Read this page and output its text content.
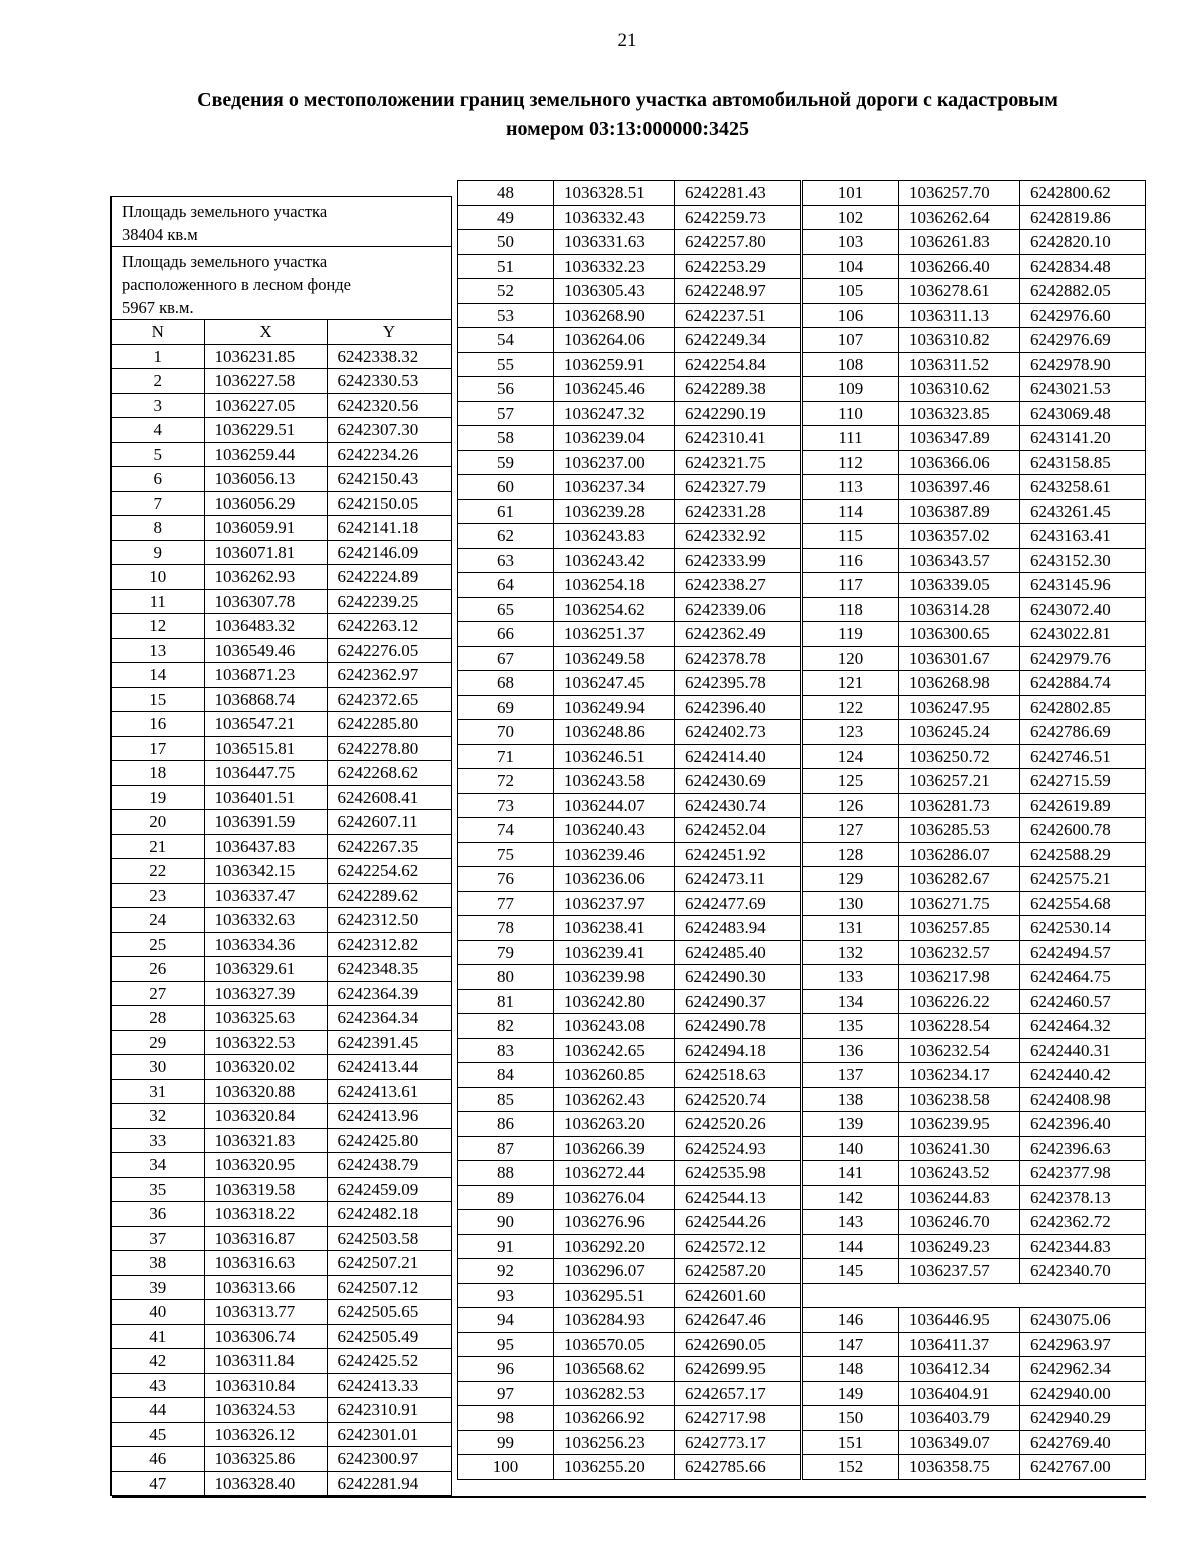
21
Сведения о местоположении границ земельного участка автомобильной дороги с кадастровым
номером 03:13:000000:3425
Площадь земельного участка
38404 кв.м		

Площадь земельного участка расположенного в лесном фонде
5967 кв.м.		

N	X	Y
1	1036231.85	6242338.32
2	1036227.58	6242330.53
3	1036227.05	6242320.56
4	1036229.51	6242307.30
5	1036259.44	6242234.26
6	1036056.13	6242150.43
7	1036056.29	6242150.05
8	1036059.91	6242141.18
9	1036071.81	6242146.09
10	1036262.93	6242224.89
11	1036307.78	6242239.25
12	1036483.32	6242263.12
13	1036549.46	6242276.05
14	1036871.23	6242362.97
15	1036868.74	6242372.65
16	1036547.21	6242285.80
17	1036515.81	6242278.80
18	1036447.75	6242268.62
19	1036401.51	6242608.41
20	1036391.59	6242607.11
21	1036437.83	6242267.35
22	1036342.15	6242254.62
23	1036337.47	6242289.62
24	1036332.63	6242312.50
25	1036334.36	6242312.82
26	1036329.61	6242348.35
27	1036327.39	6242364.39
28	1036325.63	6242364.34
29	1036322.53	6242391.45
30	1036320.02	6242413.44
31	1036320.88	6242413.61
32	1036320.84	6242413.96
33	1036321.83	6242425.80
34	1036320.95	6242438.79
35	1036319.58	6242459.09
36	1036318.22	6242482.18
37	1036316.87	6242503.58
38	1036316.63	6242507.21
39	1036313.66	6242507.12
40	1036313.77	6242505.65
41	1036306.74	6242505.49
42	1036311.84	6242425.52
43	1036310.84	6242413.33
44	1036324.53	6242310.91
45	1036326.12	6242301.01
46	1036325.86	6242300.97
47	1036328.40	6242281.94
48	1036328.51	6242281.43
49	1036332.43	6242259.73
50	1036331.63	6242257.80
51	1036332.23	6242253.29
52	1036305.43	6242248.97
53	1036268.90	6242237.51
54	1036264.06	6242249.34
55	1036259.91	6242254.84
56	1036245.46	6242289.38
57	1036247.32	6242290.19
58	1036239.04	6242310.41
59	1036237.00	6242321.75
60	1036237.34	6242327.79
61	1036239.28	6242331.28
62	1036243.83	6242332.92
63	1036243.42	6242333.99
64	1036254.18	6242338.27
65	1036254.62	6242339.06
66	1036251.37	6242362.49
67	1036249.58	6242378.78
68	1036247.45	6242395.78
69	1036249.94	6242396.40
70	1036248.86	6242402.73
71	1036246.51	6242414.40
72	1036243.58	6242430.69
73	1036244.07	6242430.74
74	1036240.43	6242452.04
75	1036239.46	6242451.92
76	1036236.06	6242473.11
77	1036237.97	6242477.69
78	1036238.41	6242483.94
79	1036239.41	6242485.40
80	1036239.98	6242490.30
81	1036242.80	6242490.37
82	1036243.08	6242490.78
83	1036242.65	6242494.18
84	1036260.85	6242518.63
85	1036262.43	6242520.74
86	1036263.20	6242520.26
87	1036266.39	6242524.93
88	1036272.44	6242535.98
89	1036276.04	6242544.13
90	1036276.96	6242544.26
91	1036292.20	6242572.12
92	1036296.07	6242587.20
93	1036295.51	6242601.60
94	1036284.93	6242647.46
95	1036570.05	6242690.05
96	1036568.62	6242699.95
97	1036282.53	6242657.17
98	1036266.92	6242717.98
99	1036256.23	6242773.17
100	1036255.20	6242785.66
101	1036257.70	6242800.62
102	1036262.64	6242819.86
103	1036261.83	6242820.10
104	1036266.40	6242834.48
105	1036278.61	6242882.05
106	1036311.13	6242976.60
107	1036310.82	6242976.69
108	1036311.52	6242978.90
109	1036310.62	6243021.53
110	1036323.85	6243069.48
111	1036347.89	6243141.20
112	1036366.06	6243158.85
113	1036397.46	6243258.61
114	1036387.89	6243261.45
115	1036357.02	6243163.41
116	1036343.57	6243152.30
117	1036339.05	6243145.96
118	1036314.28	6243072.40
119	1036300.65	6243022.81
120	1036301.67	6242979.76
121	1036268.98	6242884.74
122	1036247.95	6242802.85
123	1036245.24	6242786.69
124	1036250.72	6242746.51
125	1036257.21	6242715.59
126	1036281.73	6242619.89
127	1036285.53	6242600.78
128	1036286.07	6242588.29
129	1036282.67	6242575.21
130	1036271.75	6242554.68
131	1036257.85	6242530.14
132	1036232.57	6242494.57
133	1036217.98	6242464.75
134	1036226.22	6242460.57
135	1036228.54	6242464.32
136	1036232.54	6242440.31
137	1036234.17	6242440.42
138	1036238.58	6242408.98
139	1036239.95	6242396.40
140	1036241.30	6242396.63
141	1036243.52	6242377.98
142	1036244.83	6242378.13
143	1036246.70	6242362.72
144	1036249.23	6242344.83
145	1036237.57	6242340.70

146	1036446.95	6243075.06
147	1036411.37	6242963.97
148	1036412.34	6242962.34
149	1036404.91	6242940.00
150	1036403.79	6242940.29
151	1036349.07	6242769.40
152	1036358.75	6242767.00
